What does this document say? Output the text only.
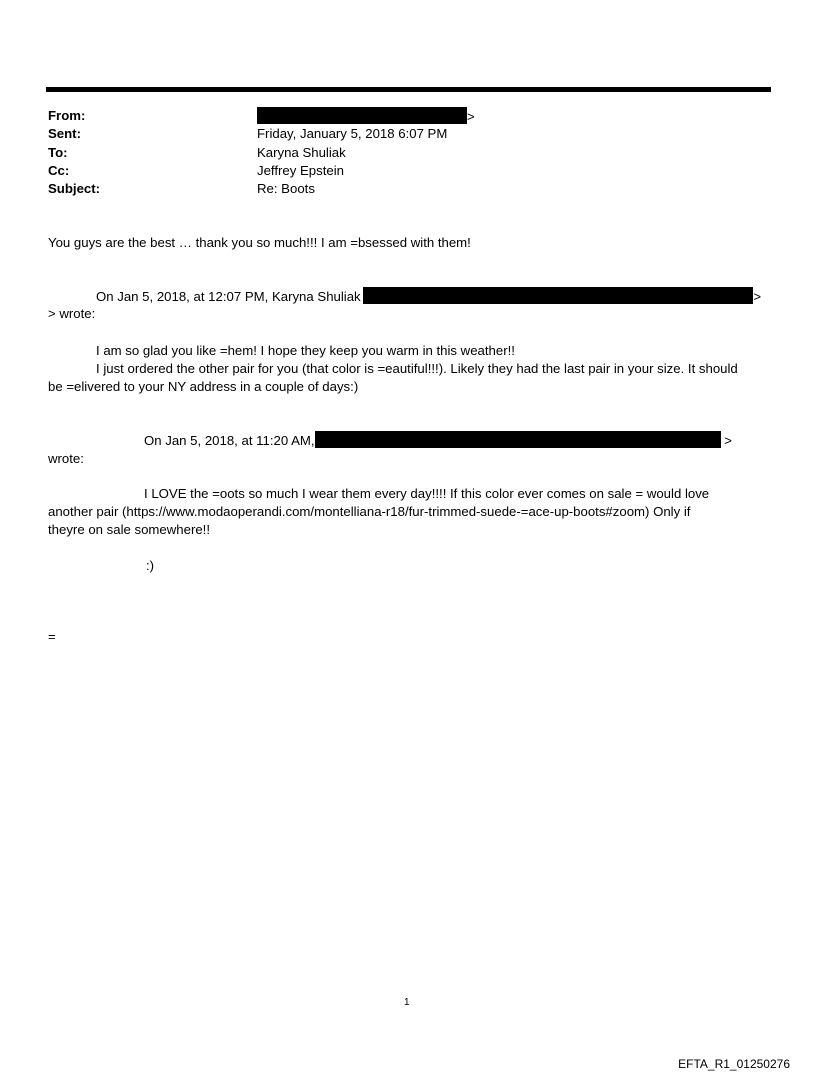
From:	>
Sent:	Friday, January 5, 2018 6:07 PM
To:	Karyna Shuliak
Cc:	Jeffrey Epstein
Subject:	Re: Boots
You guys are the best … thank you so much!!! I am =bsessed with them!
On Jan 5, 2018, at 12:07 PM, Karyna Shuliak	>
> wrote:
I am so glad you like =hem! I hope they keep you warm in this weather!!
I just ordered the other pair for you (that color is =eautiful!!!). Likely they had the last pair in your size. It should
be =elivered to your NY address in a couple of days:)
On Jan 5, 2018, at 11:20 AM,	>
wrote:
I LOVE the =oots so much I wear them every day!!!! If this color ever comes on sale = would love
another pair (https://www.modaoperandi.com/montelliana-r18/fur-trimmed-suede-=ace-up-boots#zoom) Only if
theyre on sale somewhere!!
:)
=
1
EFTA_R1_01250276
